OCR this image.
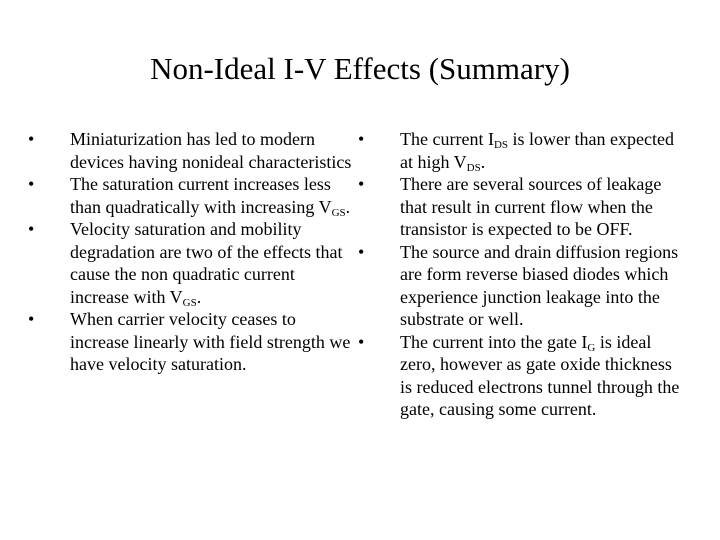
Non-Ideal I-V Effects (Summary)
• Miniaturization has led to modern devices having nonideal characteristics
• The saturation current increases less than quadratically with increasing $V_{GS}$.
• Velocity saturation and mobility degradation are two of the effects that cause the non quadratic current increase with $V_{GS}$.
• When carrier velocity ceases to increase linearly with field strength we have velocity saturation.
• The current $I_{DS}$ is lower than expected at high $V_{DS}$.
• There are several sources of leakage that result in current flow when the transistor is expected to be OFF.
• The source and drain diffusion regions are form reverse biased diodes which experience junction leakage into the substrate or well.
• The current into the gate $I_G$ is ideal zero, however as gate oxide thickness is reduced electrons tunnel through the gate, causing some current.
